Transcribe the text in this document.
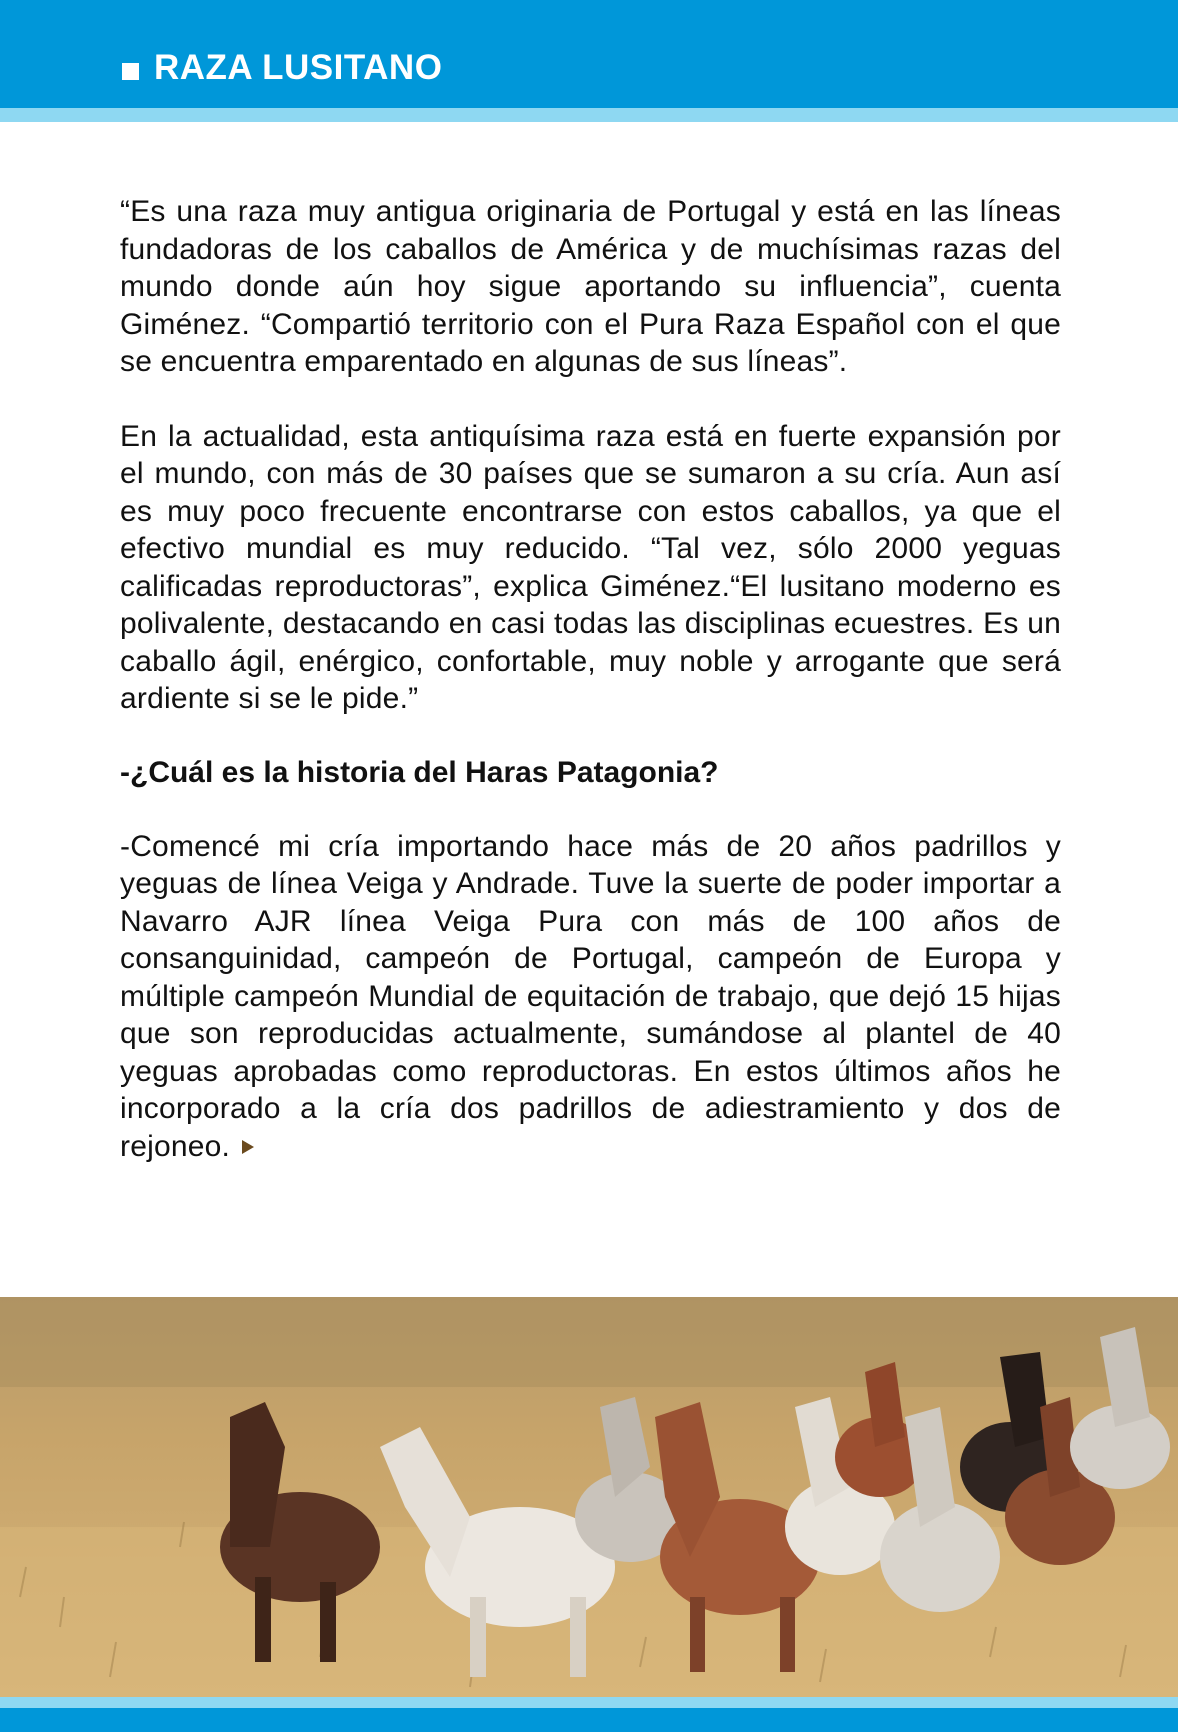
RAZA LUSITANO

“Es una raza muy antigua originaria de Portugal y está en las líneas fundadoras de los caballos de América y de muchísimas razas del mundo donde aún hoy sigue aportando su influencia”, cuenta Giménez. “Compartió territorio con el Pura Raza Español con el que se encuentra emparentado en algunas de sus líneas”.

En la actualidad, esta antiquísima raza está en fuerte expansión por el mundo, con más de 30 países que se sumaron a su cría. Aun así es muy poco frecuente encontrarse con estos caballos, ya que el efectivo mundial es muy reducido. “Tal vez, sólo 2000 yeguas calificadas reproductoras”, explica Giménez.“El lusitano moderno es polivalente, destacando en casi todas las disciplinas ecuestres. Es un caballo ágil, enérgico, confortable, muy noble y arrogante que será ardiente si se le pide.”

-¿Cuál es la historia del Haras Patagonia?

-Comencé mi cría importando hace más de 20 años padrillos y yeguas de línea Veiga y Andrade. Tuve la suerte de poder importar a Navarro AJR línea Veiga Pura con más de 100 años de consanguinidad, campeón de Portugal, campeón de Europa y múltiple campeón Mundial de equitación de trabajo, que dejó 15 hijas que son reproducidas actualmente, sumándose al plantel de 40 yeguas aprobadas como reproductoras. En estos últimos años he incorporado a la cría dos padrillos de adiestramiento y dos de rejoneo.
